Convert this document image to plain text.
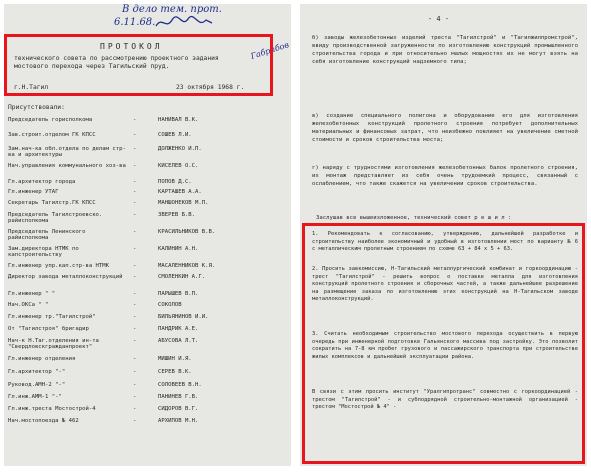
В дело тем. прот.
6.11.68.
ПРОТОКОЛ
технического совета по рассмотрению проектного задания
мостового перехода через Тагильский пруд.
Габрибов
г.Н.Тагил	23 октября 1968 г.
Присутствовали:
Председатель горисполкома	-	НАНИВАЛ В.К.
Зав.строит.отделом ГК КПСС	-	СОШЕВ Л.И.
Зам.нач-ка обл.отдела по делам стр-ва и архитектуры
-	ДОЛЖЕНКО И.П.
Нач.управления коммунального хоз-ва	-	КИСЕЛЕВ О.С.
Гл.архитектор города	-	ПОПОВ Д.С.
Гл.инженер УТАГ	-	КАРТАШЕВ А.А.
Секретарь Тагилстр.ГК КПСС	-	МАНШОНЕКОВ М.П.
Председатель Тагилстроевско. райисполкома
-	ЗВЕРЕВ Б.В.
Председатель Ленинского райисполкома
-	КРАСИЛЬНИКОВ В.В.
Зам.директора НТМК по капстроительству
-	КАЛИНИН А.Н.
Гл.инженер упр.кап.стр-ва НТМК	-	МАСАЛЕННИКОВ К.Я.
Директор завода металлоконструкций	-	СМОЛЕНКИН А.Г.
Гл.инженер " "	-	ПАРЫШЕВ В.П.
Нач.ОКСа " "	-	СОКОЛОВ
Гл.инженер тр."Тагилстрой"	-	БИЛЬЯНИНОВ И.И.
От "Тагилстроя" бригадир	-	ПАНДРИК А.Е.
Нач-к Н.Таг.отделения ин-та "Свердловскгражданпроект"
-	АБУСОВА Л.Т.
Гл.инженер отделения	-	МИШИН И.Я.
Гл.архитектор "-"	-	СЕРЕВ В.К.
Руковод.АМН-2 "-"	-	СОЛОВЕЕВ В.Н.
Гл.инж.АММ-1 "-"	-	ПАНИНЕВ Г.В.
Гл.инж.треста Мостострой-4	-	СИДОРОВ В.Г.
Нач.мостопоезда № 462	-	АРХИПОВ М.Н.
- 4 -
б) заводы железобетонных изделий треста "Тагилстрой" и "Тагилжилпромстрой", ввиду производственной загруженности по изготовлению конструкций промышленного строительства города и при относительно малых мощностях их не могут взять на себя изготовление конструкций надземного типа;
в) создание специального полигона и оборудование его для изготовления железобетонных конструкций пролетного строения потребует дополнительных материальных и финансовых затрат, что неизбежно повлияет на увеличение сметной стоимости и сроков строительства моста;
г) наряду с трудностями изготовления железобетонных балок пролетного строения, их монтаж представляет из себя очень трудоемкий процесс, связанный с ослаблением, что также скажется на увеличении сроков строительства.
Заслушав все вышеизложенное, технический совет р е ш и л :
1. Рекомендовать к согласованию, утверждению, дальнейшей разработке и строительству наиболее экономичный и удобный в изготовлении мост по варианту № 6 с металлическим пролетным строением по схеме 63 + 84 х 5 + 63.
2. Просить завкомиссию, Н-Тагильский металлургический комбинат и горкоординацию - трест "Тагилстрой" - решить вопрос о поставке металла для изготовления конструкций пролетного строения и сборочных частей, а также дальнейшее разрешение на размещение заказа по изготовлению этих конструкций на Н-Тагильском заводе металлоконструкций.
3. Считать необходимым строительство мостового перехода осуществить в первую очередь при инженерной подготовке Гальянского массива под застройку. Это позволит сократить на 7-8 км пробег грузового и пассажирского транспорта при строительстве жилых комплексов и дальнейшей эксплуатации района.
В связи с этим просить институт "Уралгипротранс" совместно с горкоординацией - трестом "Тагилстрой" - и субподрядной строительно-монтажной организацией - трестом "Мостострой № 4" -
